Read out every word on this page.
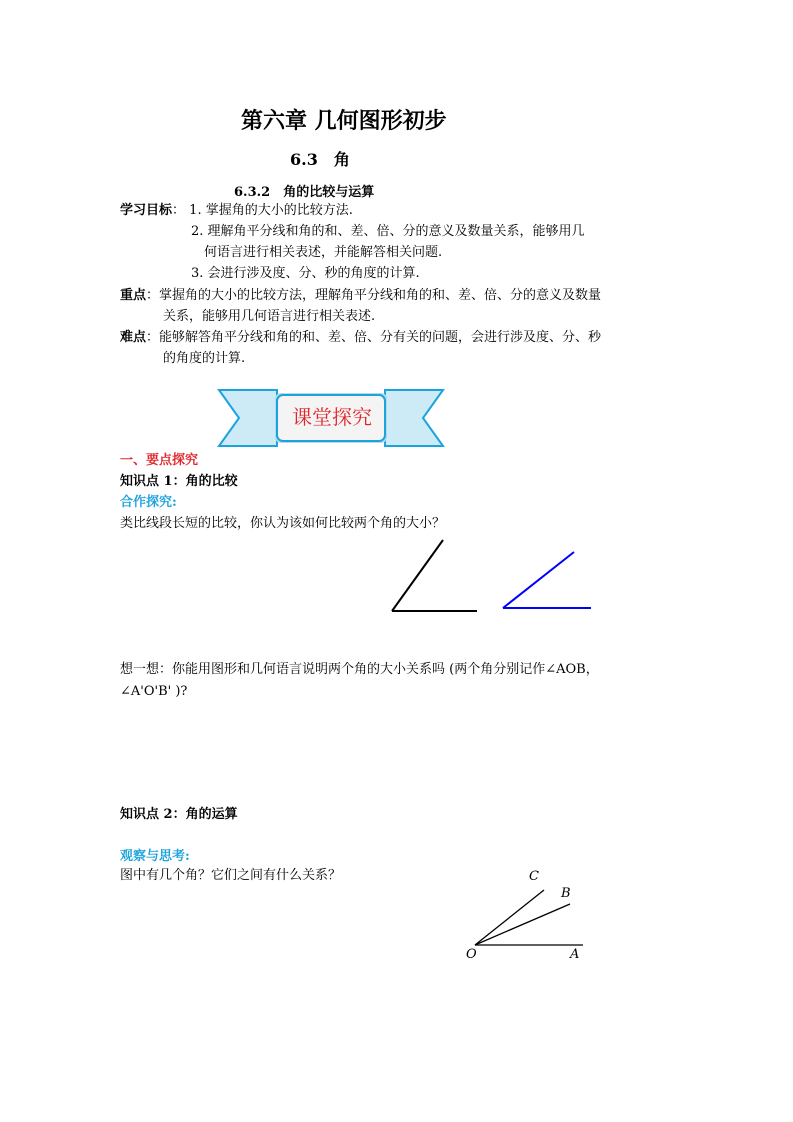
第六章 几何图形初步
6.3　角
6.3.2　角的比较与运算
学习目标： 1. 掌握角的大小的比较方法.
2. 理解角平分线和角的和、差、倍、分的意义及数量关系，能够用几
何语言进行相关表述，并能解答相关问题.
3. 会进行涉及度、分、秒的角度的计算.
重点：掌握角的大小的比较方法，理解角平分线和角的和、差、倍、分的意义及数量
关系，能够用几何语言进行相关表述.
难点：能够解答角平分线和角的和、差、倍、分有关的问题，会进行涉及度、分、秒
的角度的计算.
课堂探究
一、要点探究
知识点 1：角的比较
合作探究:
类比线段长短的比较，你认为该如何比较两个角的大小？
想一想：你能用图形和几何语言说明两个角的大小关系吗 (两个角分别记作∠AOB，
∠A'O'B' )?
知识点 2：角的运算
观察与思考:
图中有几个角？它们之间有什么关系？	C
B
O	A
